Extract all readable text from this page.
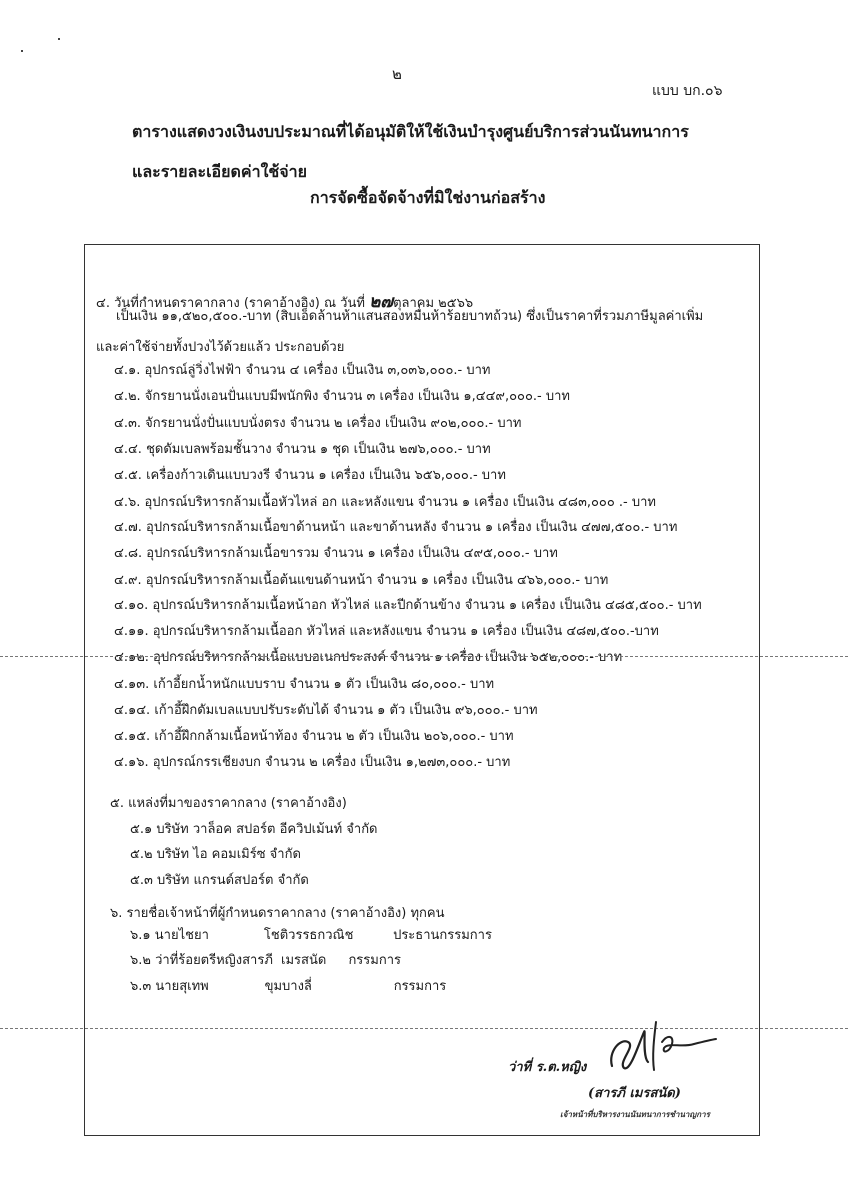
๒
แบบ บก.๐๖
ตารางแสดงวงเงินงบประมาณที่ได้อนุมัติให้ใช้เงินบำรุงศูนย์บริการส่วนนันทนาการ
และรายละเอียดค่าใช้จ่าย
การจัดซื้อจัดจ้างที่มิใช่งานก่อสร้าง
๔. วันที่กำหนดราคากลาง (ราคาอ้างอิง) ณ วันที่ ๒๗ตุลาคม ๒๕๖๖
เป็นเงิน ๑๑,๕๒๐,๕๐๐.-บาท (สิบเอ็ดล้านห้าแสนสองหมื่นห้าร้อยบาทถ้วน) ซึ่งเป็นราคาที่รวมภาษีมูลค่าเพิ่ม
และค่าใช้จ่ายทั้งปวงไว้ด้วยแล้ว ประกอบด้วย
๔.๑. อุปกรณ์ลู่วิ่งไฟฟ้า จำนวน ๔ เครื่อง เป็นเงิน ๓,๐๓๖,๐๐๐.- บาท
๔.๒. จักรยานนั่งเอนปั่นแบบมีพนักพิง จำนวน ๓ เครื่อง เป็นเงิน ๑,๔๔๙,๐๐๐.- บาท
๔.๓. จักรยานนั่งปั่นแบบนั่งตรง จำนวน ๒ เครื่อง เป็นเงิน ๙๐๒,๐๐๐.- บาท
๔.๔. ชุดดัมเบลพร้อมชั้นวาง จำนวน ๑ ชุด เป็นเงิน ๒๗๖,๐๐๐.- บาท
๔.๕. เครื่องก้าวเดินแบบวงรี จำนวน ๑ เครื่อง เป็นเงิน ๖๕๖,๐๐๐.- บาท
๔.๖. อุปกรณ์บริหารกล้ามเนื้อหัวไหล่ อก และหลังแขน จำนวน ๑ เครื่อง เป็นเงิน ๔๘๓,๐๐๐ .- บาท
๔.๗. อุปกรณ์บริหารกล้ามเนื้อขาด้านหน้า และขาด้านหลัง จำนวน ๑ เครื่อง เป็นเงิน ๔๗๗,๕๐๐.- บาท
๔.๘. อุปกรณ์บริหารกล้ามเนื้อขารวม จำนวน ๑ เครื่อง เป็นเงิน ๔๙๕,๐๐๐.- บาท
๔.๙. อุปกรณ์บริหารกล้ามเนื้อต้นแขนด้านหน้า จำนวน ๑ เครื่อง เป็นเงิน ๔๖๖,๐๐๐.- บาท
๔.๑๐. อุปกรณ์บริหารกล้ามเนื้อหน้าอก หัวไหล่ และปีกด้านข้าง จำนวน ๑ เครื่อง เป็นเงิน ๔๘๕,๕๐๐.- บาท
๔.๑๑. อุปกรณ์บริหารกล้ามเนื้ออก หัวไหล่ และหลังแขน จำนวน ๑ เครื่อง เป็นเงิน ๔๘๗,๕๐๐.-บาท
๔.๑๒. อุปกรณ์บริหารกล้ามเนื้อแบบอเนกประสงค์ จำนวน ๑ เครื่อง เป็นเงิน ๖๕๒,๐๐๐.- บาท
๔.๑๓. เก้าอี้ยกน้ำหนักแบบราบ จำนวน ๑ ตัว เป็นเงิน ๘๐,๐๐๐.- บาท
๔.๑๔. เก้าอี้ฝึกดัมเบลแบบปรับระดับได้ จำนวน ๑ ตัว เป็นเงิน ๙๖,๐๐๐.- บาท
๔.๑๕. เก้าอี้ฝึกกล้ามเนื้อหน้าท้อง จำนวน ๒ ตัว เป็นเงิน ๒๐๖,๐๐๐.- บาท
๔.๑๖. อุปกรณ์กรรเชียงบก จำนวน ๒ เครื่อง เป็นเงิน ๑,๒๗๓,๐๐๐.- บาท
๕. แหล่งที่มาของราคากลาง (ราคาอ้างอิง)
๕.๑ บริษัท วาล็อค สปอร์ต อีควิปเม้นท์ จำกัด
๕.๒ บริษัท ไอ คอมเมิร์ซ จำกัด
๕.๓ บริษัท แกรนด์สปอร์ต จำกัด
๖. รายชื่อเจ้าหน้าที่ผู้กำหนดราคากลาง (ราคาอ้างอิง) ทุกคน
๖.๑ นายไชยา	โชติวรรธกวณิช	ประธานกรรมการ
๖.๒ ว่าที่ร้อยตรีหญิงสารภี เมรสนัด กรรมการ
๖.๓ นายสุเทพ	ขุมบางลี่	กรรมการ
ว่าที่ ร.ต.หญิง
(สารภี เมรสนัด)
เจ้าหน้าที่บริหารงานนันทนาการชำนาญการ
